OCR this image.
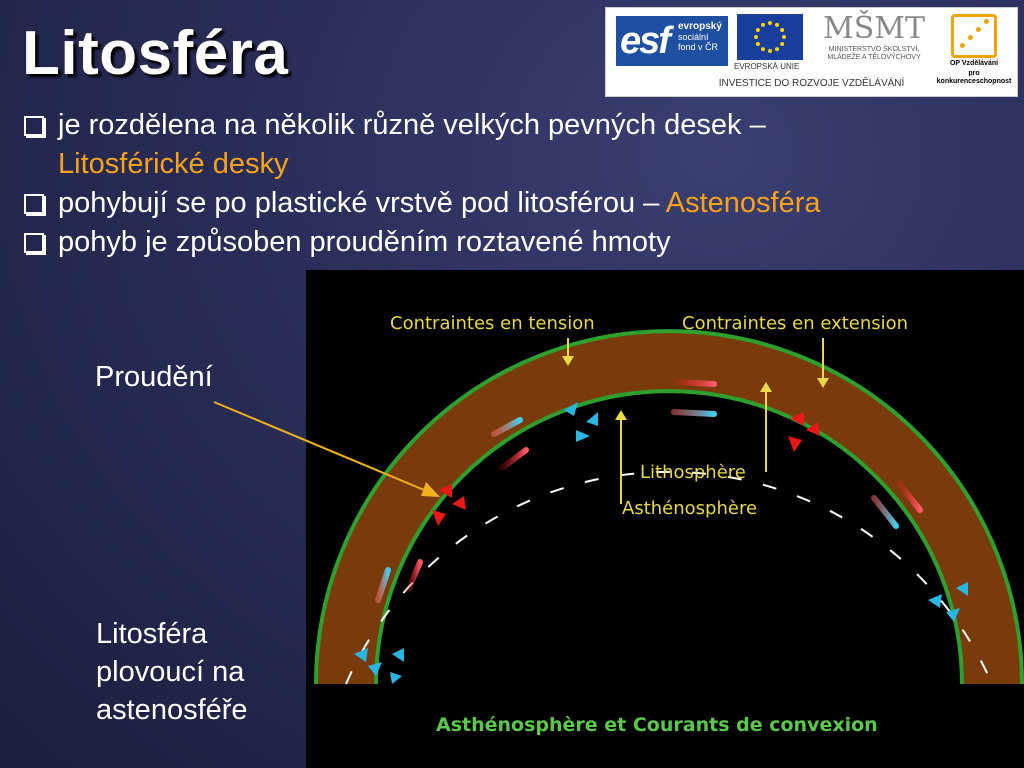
Litosféra	esf evropský
sociální
fond v ČR
EVROPSKÁ UNIE
MŠMT
MINISTERSTVO ŠKOLSTVÍ,
MLÁDEŽE A TĚLOVÝCHOVY
OP Vzdělávání
pro konkurenceschopnost
INVESTICE DO ROZVOJE VZDĚLÁVÁNÍ
je rozdělena na několik různě velkých pevných desek –
Litosférické desky
pohybují se po plastické vrstvě pod litosférou – Astenosféra
pohyb je způsoben prouděním roztavené hmoty
Proudění
Litosféra
plovoucí na
astenosféře
Contraintes en tension	Contraintes en extension
Lithosphère
Asthénosphère
Asthénosphère et Courants de convexion
